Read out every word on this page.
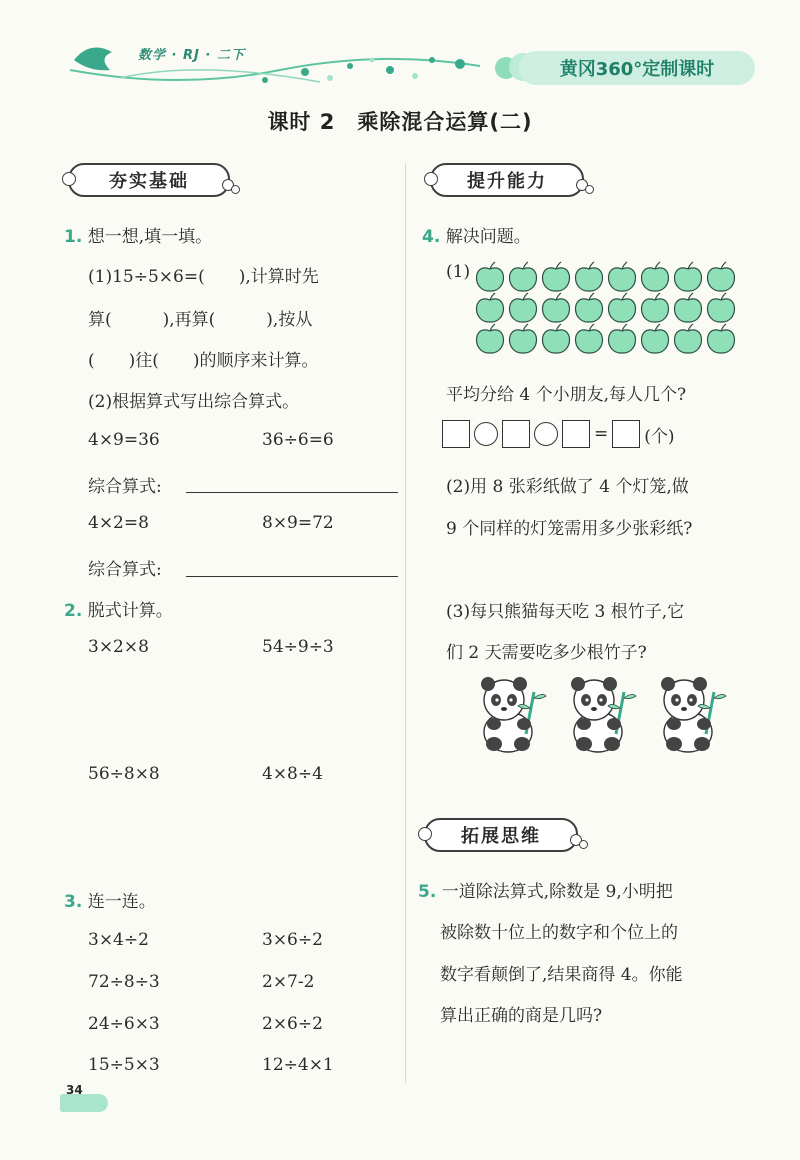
数学 · RJ · 二下
黄冈360°定制课时
课时 2　乘除混合运算(二)
夯实基础	提升能力
1. 想一想,填一填。
(1)15÷5×6=(　　),计算时先
算(　　　),再算(　　　),按从
(　　)往(　　)的顺序来计算。
(2)根据算式写出综合算式。
4×9=36	36÷6=6
综合算式:
4×2=8	8×9=72
综合算式:
2. 脱式计算。
3×2×8	54÷9÷3
56÷8×8	4×8÷4
3. 连一连。
3×4÷2	3×6÷2
72÷8÷3	2×7-2
24÷6×3	2×6÷2
15÷5×3	12÷4×1
4. 解决问题。
(1)
平均分给 4 个小朋友,每人几个?
= (个)
(2)用 8 张彩纸做了 4 个灯笼,做
9 个同样的灯笼需用多少张彩纸?
(3)每只熊猫每天吃 3 根竹子,它
们 2 天需要吃多少根竹子?
拓展思维
5. 一道除法算式,除数是 9,小明把
被除数十位上的数字和个位上的
数字看颠倒了,结果商得 4。你能
算出正确的商是几吗?
34
